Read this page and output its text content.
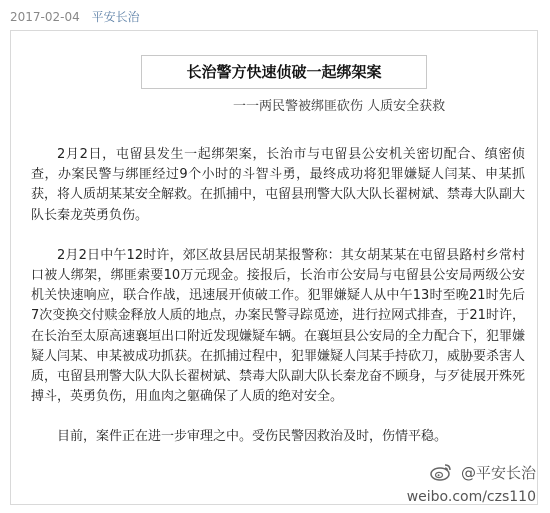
2017-02-04 平安长治
长治警方快速侦破一起绑架案
一一两民警被绑匪砍伤 人质安全获救

2月2日，屯留县发生一起绑架案，长治市与屯留县公安机关密切配合、缜密侦查，办案民警与绑匪经过9个小时的斗智斗勇，最终成功将犯罪嫌疑人闫某、申某抓获，将人质胡某某安全解救。在抓捕中，屯留县刑警大队大队长翟树斌、禁毒大队副大队长秦龙英勇负伤。

2月2日中午12时许，郊区故县居民胡某报警称：其女胡某某在屯留县路村乡常村口被人绑架，绑匪索要10万元现金。接报后，长治市公安局与屯留县公安局两级公安机关快速响应，联合作战，迅速展开侦破工作。犯罪嫌疑人从中午13时至晚21时先后7次变换交付赎金释放人质的地点，办案民警寻踪觅迹，进行拉网式排查，于21时许，在长治至太原高速襄垣出口附近发现嫌疑车辆。在襄垣县公安局的全力配合下，犯罪嫌疑人闫某、申某被成功抓获。在抓捕过程中，犯罪嫌疑人闫某手持砍刀，威胁要杀害人质，屯留县刑警大队大队长翟树斌、禁毒大队副大队长秦龙奋不顾身，与歹徒展开殊死搏斗，英勇负伤，用血肉之躯确保了人质的绝对安全。

目前，案件正在进一步审理之中。受伤民警因救治及时，伤情平稳。

@平安长治
weibo.com/czs110
